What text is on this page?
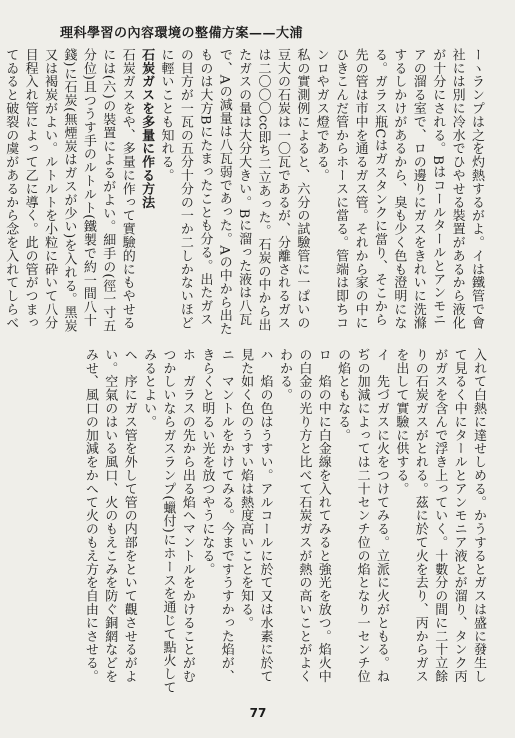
理科學習の內容環境の整備方案——大浦

ーヽランプは之を灼熱するがよ。イは鐵管で會社には別に冷水でひやせる裝置があるから液化が十分にされる。Bはコールタールとアンモニアの溜る室で、ロの邊りにガスをきれいに洗滌するしかけがあるから、臭も少く色も澄明になる。ガラス瓶Cはガスタンクに當り、そこから先の管は市中を通るガス管。それから家の中にひきこんだ管からホースに當る。管端は即ちコンロやガス燈である。

私の實測例によると、六分の試驗管に一ぱいの豆大の石炭は一〇瓦であるが、分離されるガスは二〇〇〇cc即ち二立あった。石炭の中から出たガスの量は大分大きい。Bに溜った液は八瓦で、Aの減量は八瓦弱であった。Aの中から出たものは大方Bにたまったことも分る。出たガスの目方が一瓦の五分十分の一か二しかないほどに輕いことも知れる。

石炭ガスを多量に作る方法

石炭ガスをや、多量に作って實驗的にもやせるには(六)の裝置によるがよい。細手の(徑一寸五分位)且つうす手のルトルト(鐵製で約一間八十錢)に石炭(無煙炭はガスが少い)を入れる。黑炭又は褐炭がよい。ルトルトを小粒に砕いて八分目程入れ管によって乙に導く。此の管がつまってゐると破裂の虞があるから念を入れてしらべ

入れて白熱に達せしめる。かうするとガスは盛に發生して見るく中にタールとアンモニア液とが溜り、タンク丙がガスを含んで浮き上っていく。十數分の間に二十立餘りの石炭ガスがとれる。茲に於て火を去り、丙からガスを出して實驗に供する。

イ　先づガスに火をつけてみる。立派に火がともる。ねぢの加減によっては二十センチ位の焰となり一センチ位の焰ともなる。

ロ　焰の中に白金線を入れてみると強光を放つ。焰火中の白金の光り方と比べて石炭ガスが熱の高いことがよくわかる。

ハ　焰の色はうすい。アルコールに於て又は水素に於て見た如く色のうすい焰は熱度高いことを知る。

ニ　マントルをかけてみる。今まですうすかった焰が、きらくと明るい光を放つやうになる。

ホ　ガラスの先から出る焰へマントルをかけることがむつかしいならガスランプ(蠟付)にホースを通じて點火してみるとよい。

ヘ　序にガス管を外して管の内部をといて觀させるがよい。空氣のはいる風口、火のもえこみを防ぐ銅網などをみせ、風口の加減をかへて火のもえ方を自由にさせる。

77
